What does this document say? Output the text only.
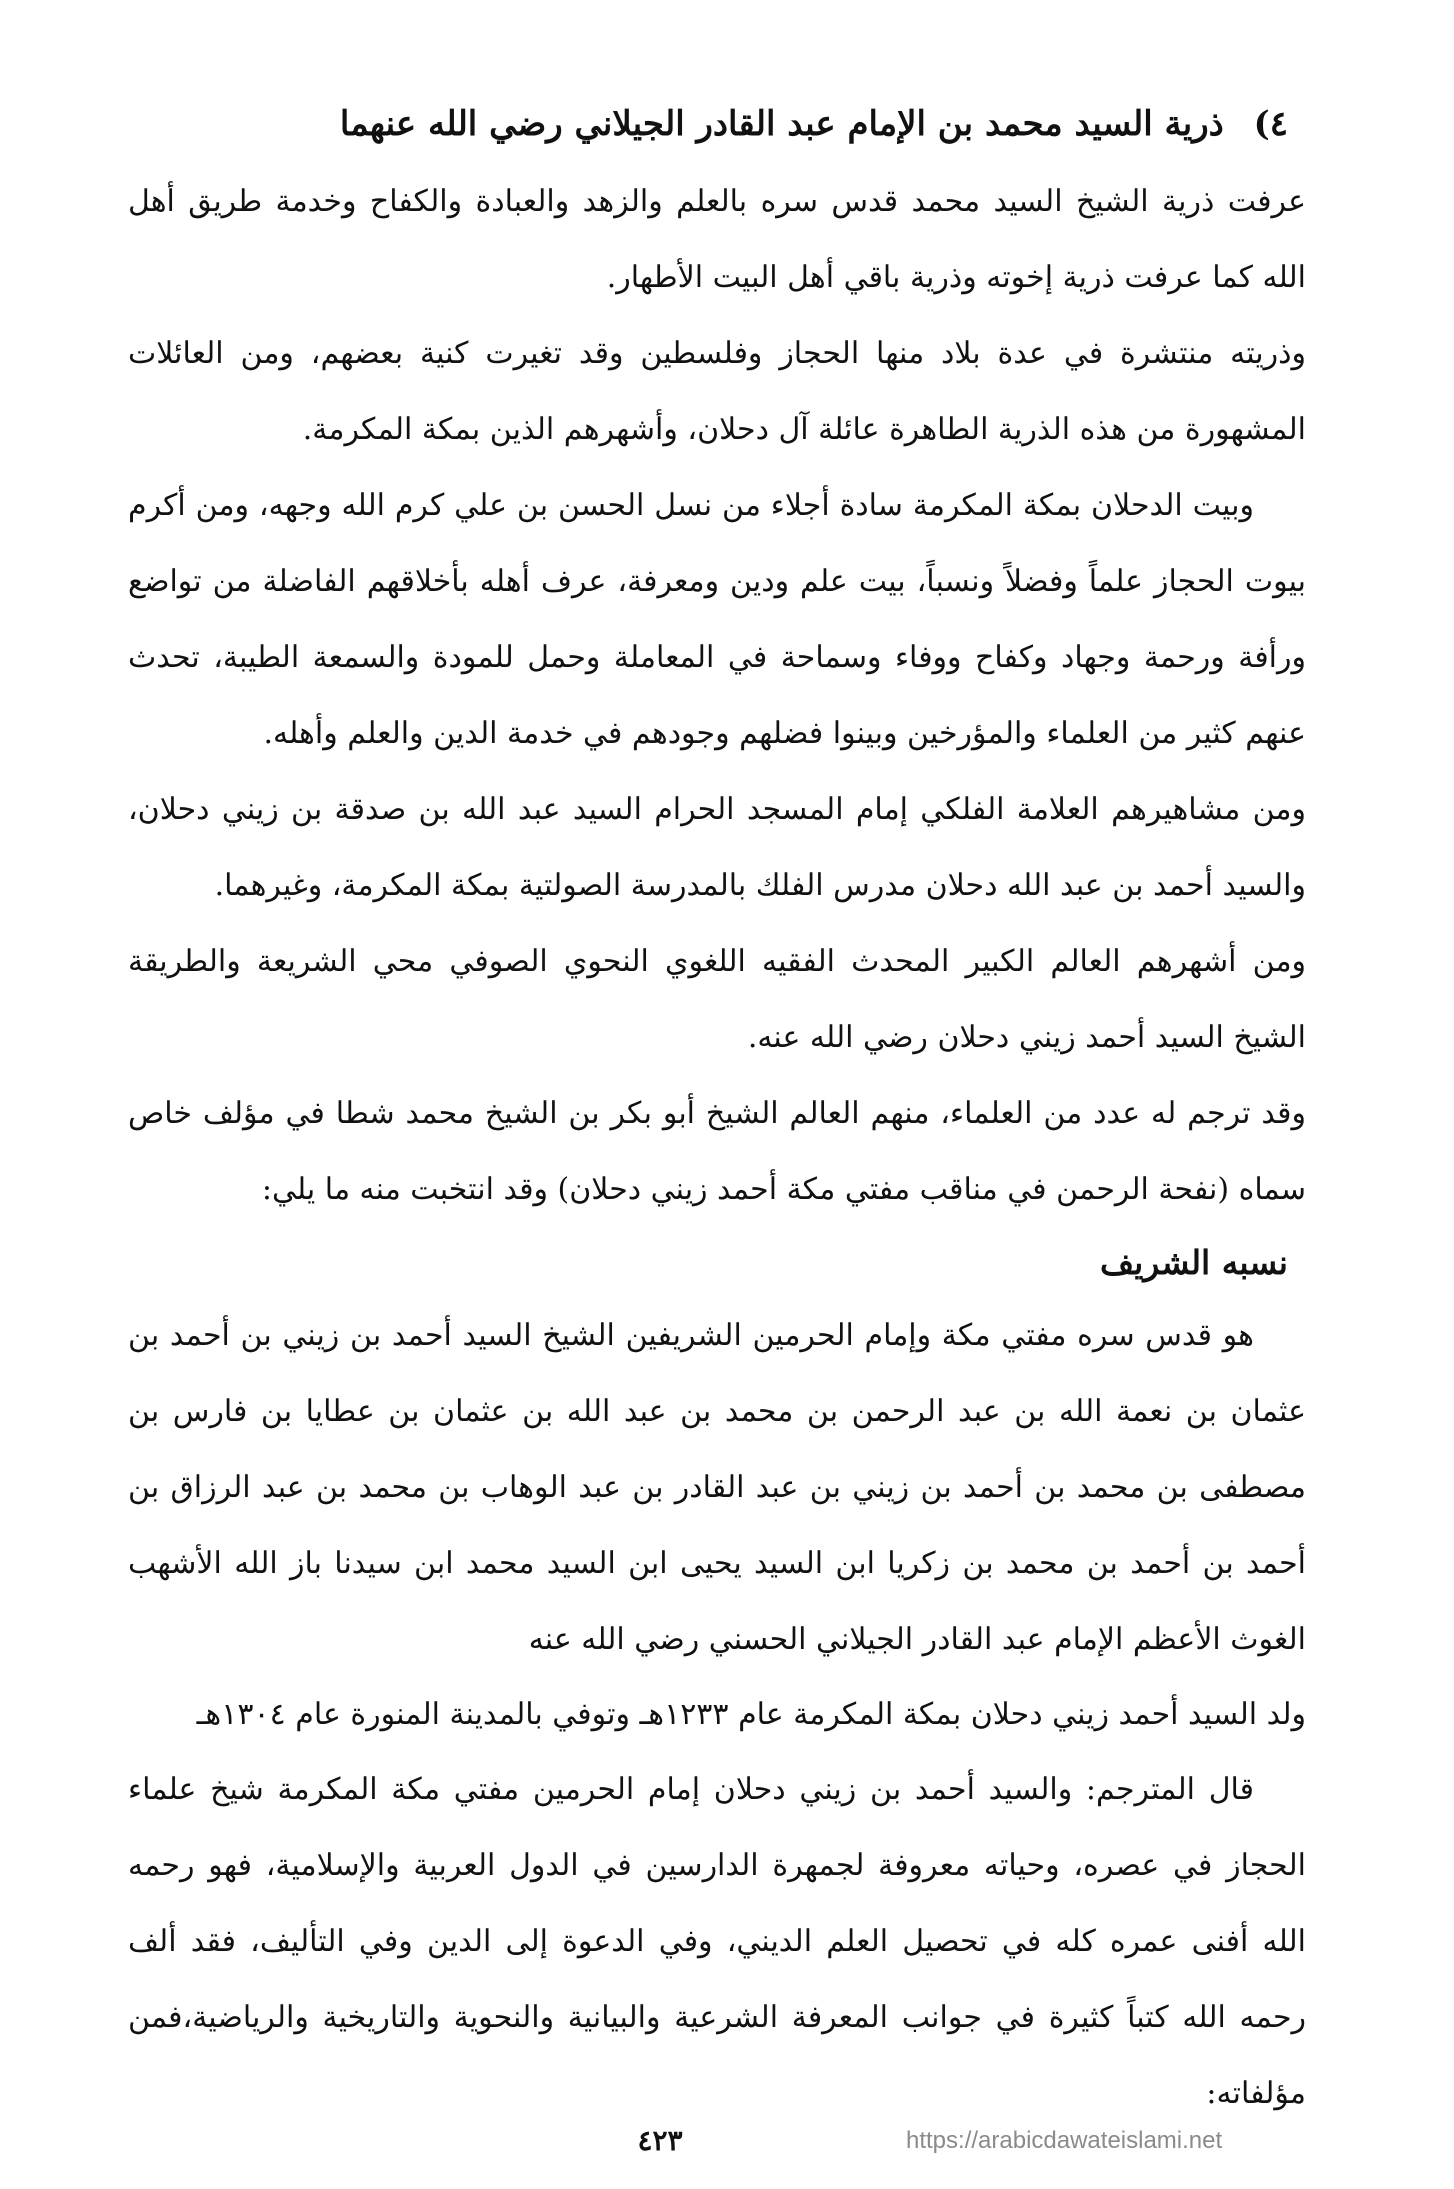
٤) ذرية السيد محمد بن الإمام عبد القادر الجيلاني رضي الله عنهما

عرفت ذرية الشيخ السيد محمد قدس سره بالعلم والزهد والعبادة والكفاح وخدمة طريق أهل الله كما عرفت ذرية إخوته وذرية باقي أهل البيت الأطهار.

وذريته منتشرة في عدة بلاد منها الحجاز وفلسطين وقد تغيرت كنية بعضهم، ومن العائلات المشهورة من هذه الذرية الطاهرة عائلة آل دحلان، وأشهرهم الذين بمكة المكرمة.

وبيت الدحلان بمكة المكرمة سادة أجلاء من نسل الحسن بن علي كرم الله وجهه، ومن أكرم بيوت الحجاز علماً وفضلاً ونسباً، بيت علم ودين ومعرفة، عرف أهله بأخلاقهم الفاضلة من تواضع ورأفة ورحمة وجهاد وكفاح ووفاء وسماحة في المعاملة وحمل للمودة والسمعة الطيبة، تحدث عنهم كثير من العلماء والمؤرخين وبينوا فضلهم وجودهم في خدمة الدين والعلم وأهله.

ومن مشاهيرهم العلامة الفلكي إمام المسجد الحرام السيد عبد الله بن صدقة بن زيني دحلان، والسيد أحمد بن عبد الله دحلان مدرس الفلك بالمدرسة الصولتية بمكة المكرمة، وغيرهما.

ومن أشهرهم العالم الكبير المحدث الفقيه اللغوي النحوي الصوفي محي الشريعة والطريقة الشيخ السيد أحمد زيني دحلان رضي الله عنه.

وقد ترجم له عدد من العلماء، منهم العالم الشيخ أبو بكر بن الشيخ محمد شطا في مؤلف خاص سماه (نفحة الرحمن في مناقب مفتي مكة أحمد زيني دحلان) وقد انتخبت منه ما يلي:

نسبه الشريف

هو قدس سره مفتي مكة وإمام الحرمين الشريفين الشيخ السيد أحمد بن زيني بن أحمد بن عثمان بن نعمة الله بن عبد الرحمن بن محمد بن عبد الله بن عثمان بن عطايا بن فارس بن مصطفى بن محمد بن أحمد بن زيني بن عبد القادر بن عبد الوهاب بن محمد بن عبد الرزاق بن أحمد بن أحمد بن محمد بن زكريا ابن السيد يحيى ابن السيد محمد ابن سيدنا باز الله الأشهب الغوث الأعظم الإمام عبد القادر الجيلاني الحسني رضي الله عنه

ولد السيد أحمد زيني دحلان بمكة المكرمة عام ١٢٣٣هـ وتوفي بالمدينة المنورة عام ١٣٠٤هـ

قال المترجم: والسيد أحمد بن زيني دحلان إمام الحرمين مفتي مكة المكرمة شيخ علماء الحجاز في عصره، وحياته معروفة لجمهرة الدارسين في الدول العربية والإسلامية، فهو رحمه الله أفنى عمره كله في تحصيل العلم الديني، وفي الدعوة إلى الدين وفي التأليف، فقد ألف رحمه الله كتباً كثيرة في جوانب المعرفة الشرعية والبيانية والنحوية والتاريخية والرياضية،فمن مؤلفاته:

٤٢٣	https://arabicdawateislami.net
